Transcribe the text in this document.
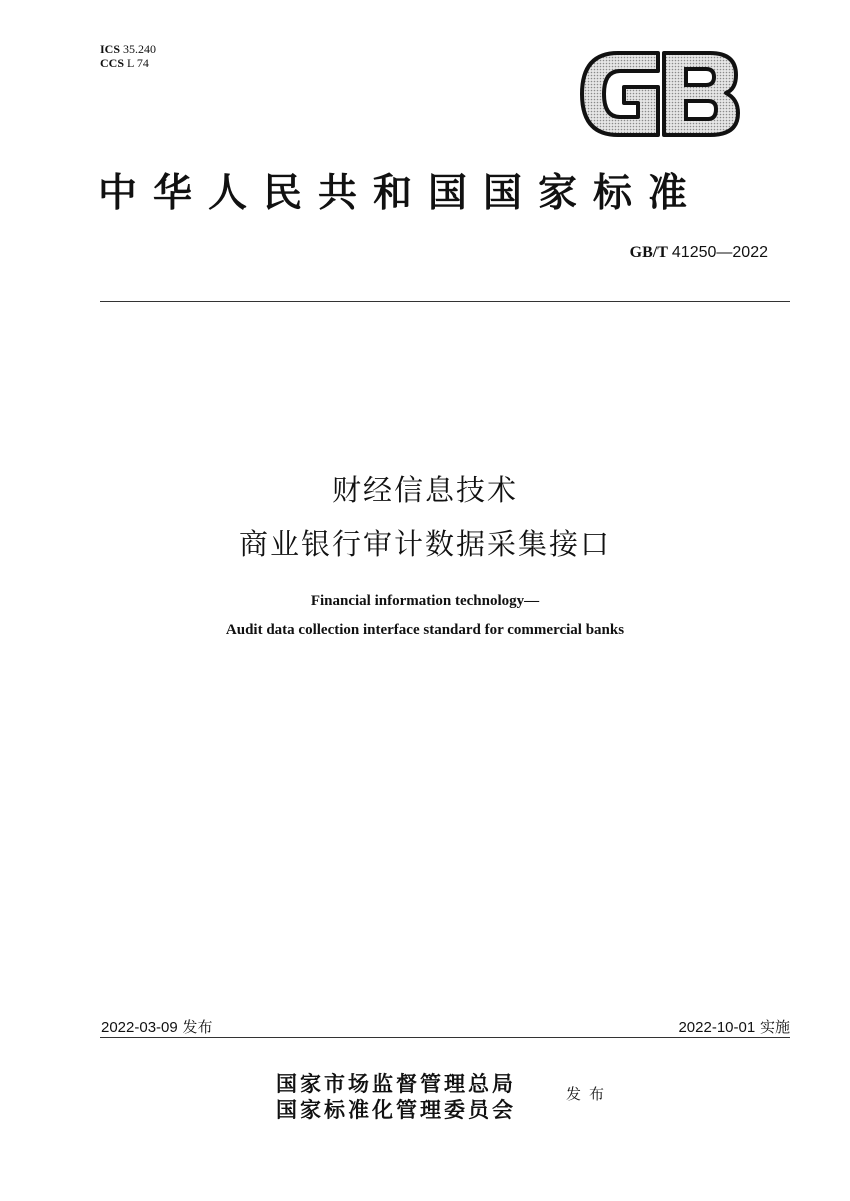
ICS 35.240
CCS L 74
GB
中华人民共和国国家标准
GB/T 41250—2022
财经信息技术
商业银行审计数据采集接口
Financial information technology—
Audit data collection interface standard for commercial banks
2022-03-09 发布	2022-10-01 实施
国家市场监督管理总局
国家标准化管理委员会
发布
